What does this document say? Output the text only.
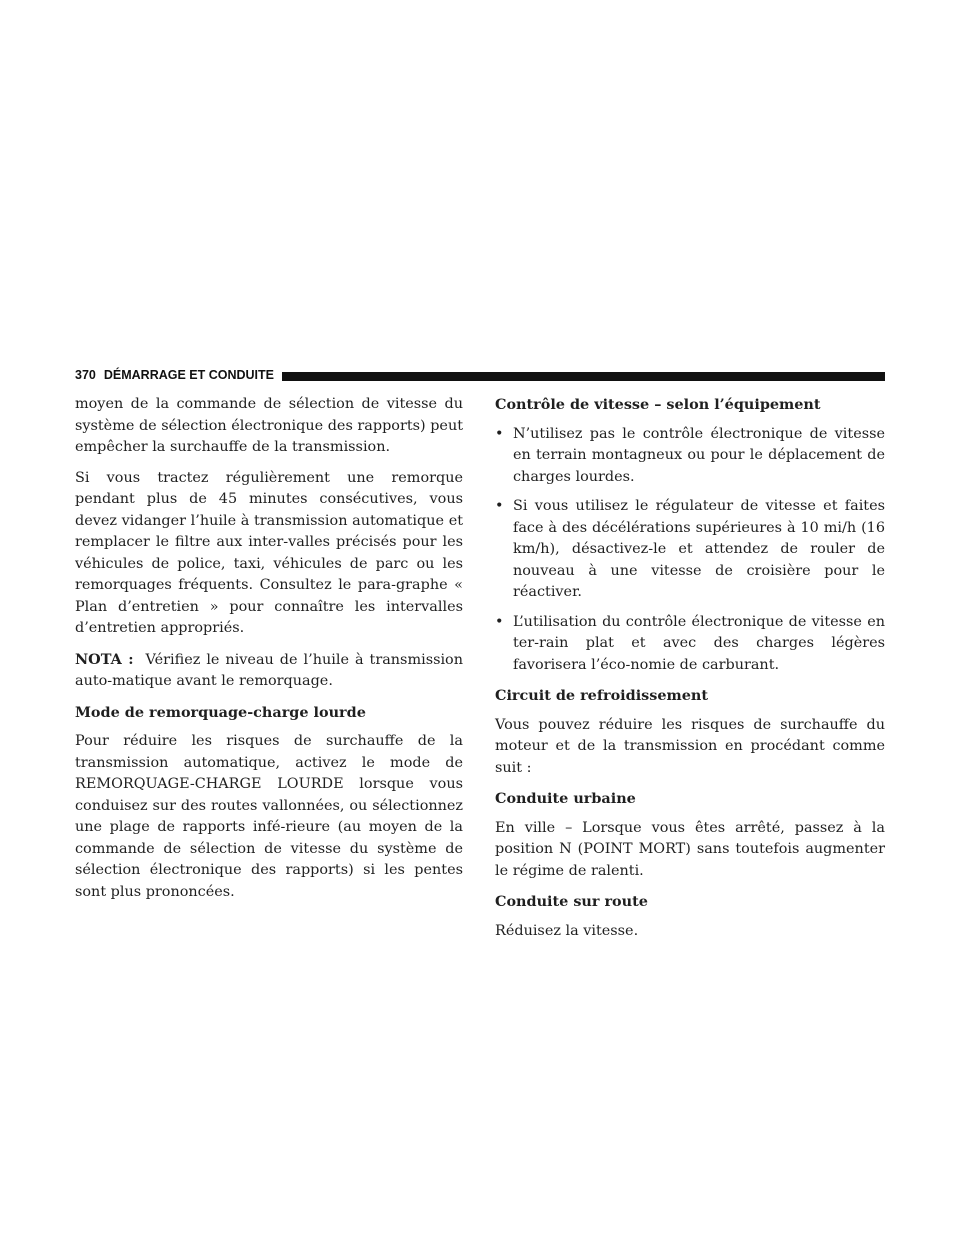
370 DÉMARRAGE ET CONDUITE

moyen de la commande de sélection de vitesse du système de sélection électronique des rapports) peut empêcher la surchauffe de la transmission.

Si vous tractez régulièrement une remorque pendant plus de 45 minutes consécutives, vous devez vidanger l’huile à transmission automatique et remplacer le filtre aux inter-valles précisés pour les véhicules de police, taxi, véhicules de parc ou les remorquages fréquents. Consultez le para-graphe « Plan d’entretien » pour connaître les intervalles d’entretien appropriés.

NOTA : Vérifiez le niveau de l’huile à transmission auto-matique avant le remorquage.

Mode de remorquage-charge lourde

Pour réduire les risques de surchauffe de la transmission automatique, activez le mode de REMORQUAGE-CHARGE LOURDE lorsque vous conduisez sur des routes vallonnées, ou sélectionnez une plage de rapports infé-rieure (au moyen de la commande de sélection de vitesse du système de sélection électronique des rapports) si les pentes sont plus prononcées.

Contrôle de vitesse – selon l’équipement
• N’utilisez pas le contrôle électronique de vitesse en terrain montagneux ou pour le déplacement de charges lourdes.
• Si vous utilisez le régulateur de vitesse et faites face à des décélérations supérieures à 10 mi/h (16 km/h), désactivez-le et attendez de rouler de nouveau à une vitesse de croisière pour le réactiver.
• L’utilisation du contrôle électronique de vitesse en ter-rain plat et avec des charges légères favorisera l’éco-nomie de carburant.
Circuit de refroidissement

Vous pouvez réduire les risques de surchauffe du moteur et de la transmission en procédant comme suit :

Conduite urbaine

En ville – Lorsque vous êtes arrêté, passez à la position N (POINT MORT) sans toutefois augmenter le régime de ralenti.

Conduite sur route

Réduisez la vitesse.
